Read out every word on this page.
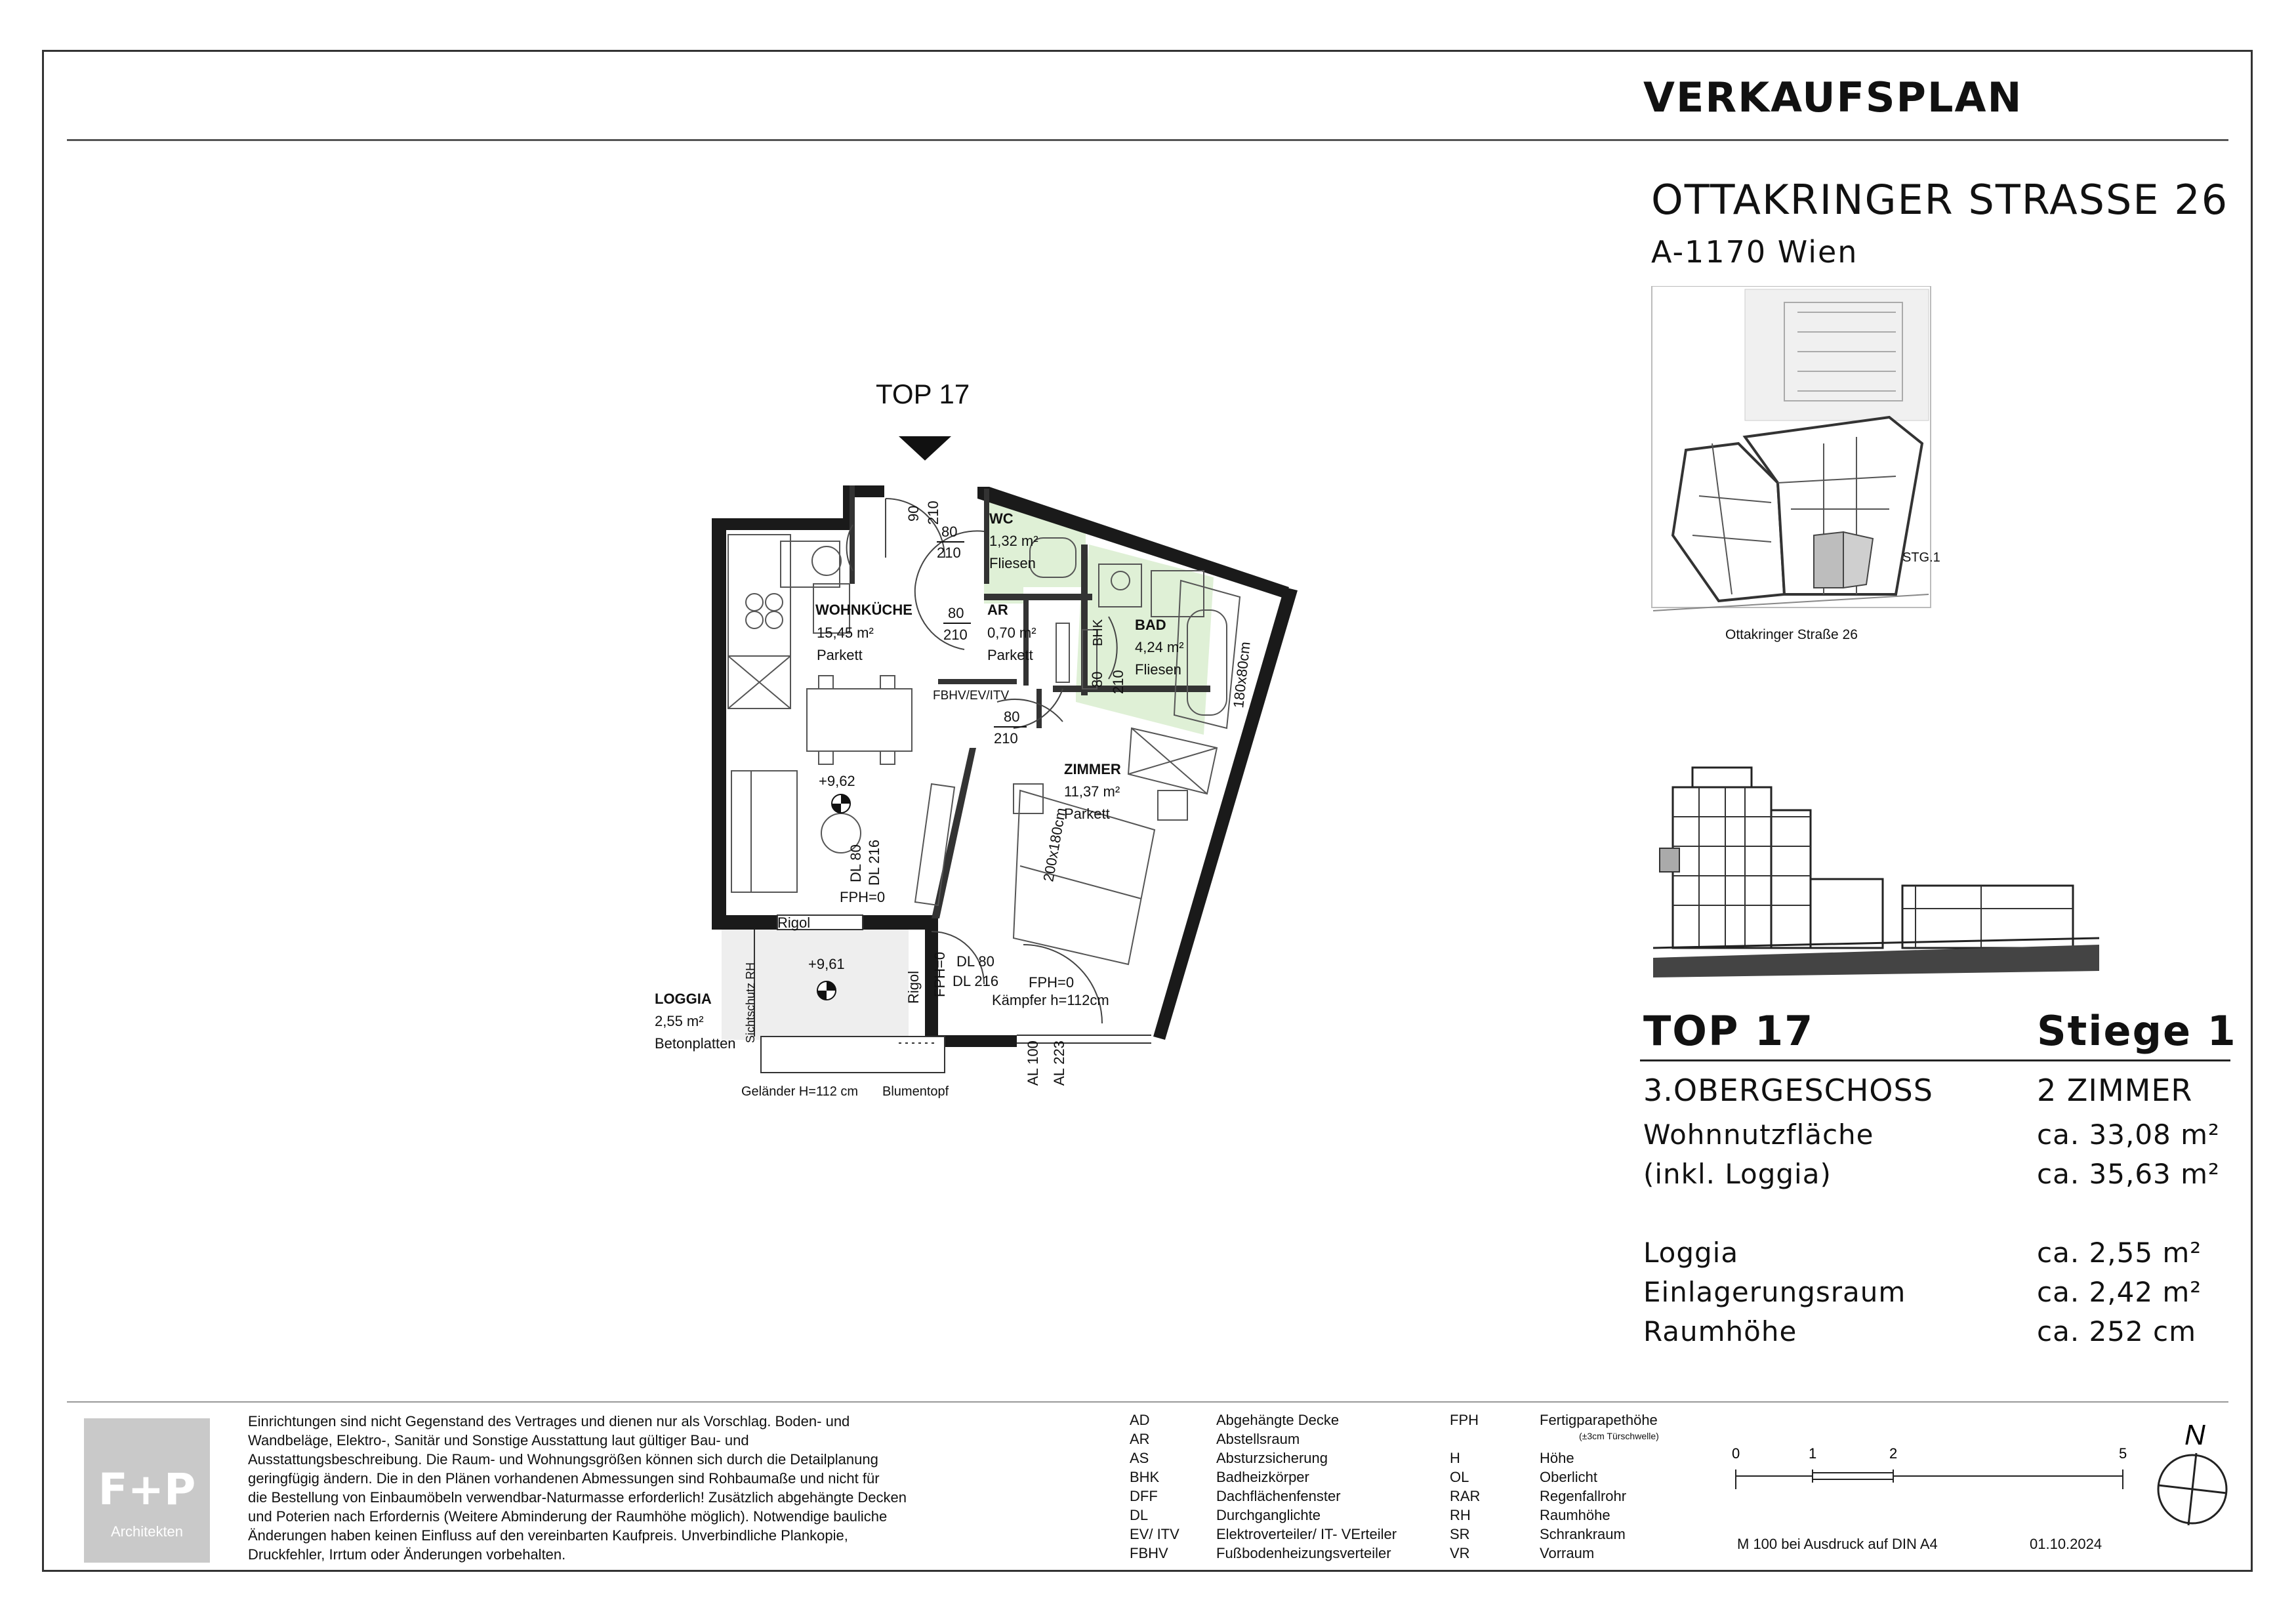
VERKAUFSPLAN
OTTAKRINGER STRASSE 26
A-1170 Wien
STG.1
Ottakringer Straße 26
TOP 17	Stiege 1
3.OBERGESCHOSS	2 ZIMMER
Wohnnutzfläche	ca. 33,08 m²
(inkl. Loggia)	ca. 35,63 m²
Loggia	ca. 2,55 m²
Einlagerungsraum	ca. 2,42 m²
Raumhöhe	ca. 252 cm
TOP 17
WOHNKÜCHE
15,45 m²
Parkett
WC
1,32 m²
Fliesen
AR
0,70 m²
Parkett
BAD
4,24 m²
Fliesen
ZIMMER
11,37 m²
Parkett
LOGGIA
2,55 m²
Betonplatten
90 210
80
210
80
210	BHK
80 210	180x80cm
FBHV/EV/ITV
80
210
200x180cm
+9,62
DL 80 DL 216
FPH=0
Rigol
+9,61
Sichtschutz RH	Rigol FPH=0 DL 80
DL 216 FPH=0
Kämpfer h=112cm
Geländer H=112 cm Blumentopf
AL 100 AL 223
F+P
Architekten
Einrichtungen sind nicht Gegenstand des Vertrages und dienen nur als Vorschlag. Boden- und
Wandbeläge, Elektro-, Sanitär und Sonstige Ausstattung laut gültiger Bau- und
Ausstattungsbeschreibung. Die Raum- und Wohnungsgrößen können sich durch die Detailplanung
geringfügig ändern. Die in den Plänen vorhandenen Abmessungen sind Rohbaumaße und nicht für
die Bestellung von Einbaumöbeln verwendbar-Naturmasse erforderlich! Zusätzlich abgehängte Decken
und Poterien nach Erfordernis (Weitere Abminderung der Raumhöhe möglich). Notwendige bauliche
Änderungen haben keinen Einfluss auf den vereinbarten Kaufpreis. Unverbindliche Plankopie,
Druckfehler, Irrtum oder Änderungen vorbehalten.
AD	Abgehängte Decke
AR	Abstellsraum
AS	Absturzsicherung
BHK	Badheizkörper
DFF	Dachflächenfenster
DL	Durchganglichte
EV/ ITV	Elektroverteiler/ IT- VErteiler
FBHV	Fußbodenheizungsverteiler
FPH	Fertigparapethöhe
	(±3cm Türschwelle)
H	Höhe
OL	Oberlicht
RAR	Regenfallrohr
RH	Raumhöhe
SR	Schrankraum
VR	Vorraum
0	1	2	5
M 100 bei Ausdruck auf DIN A4	01.10.2024
N
